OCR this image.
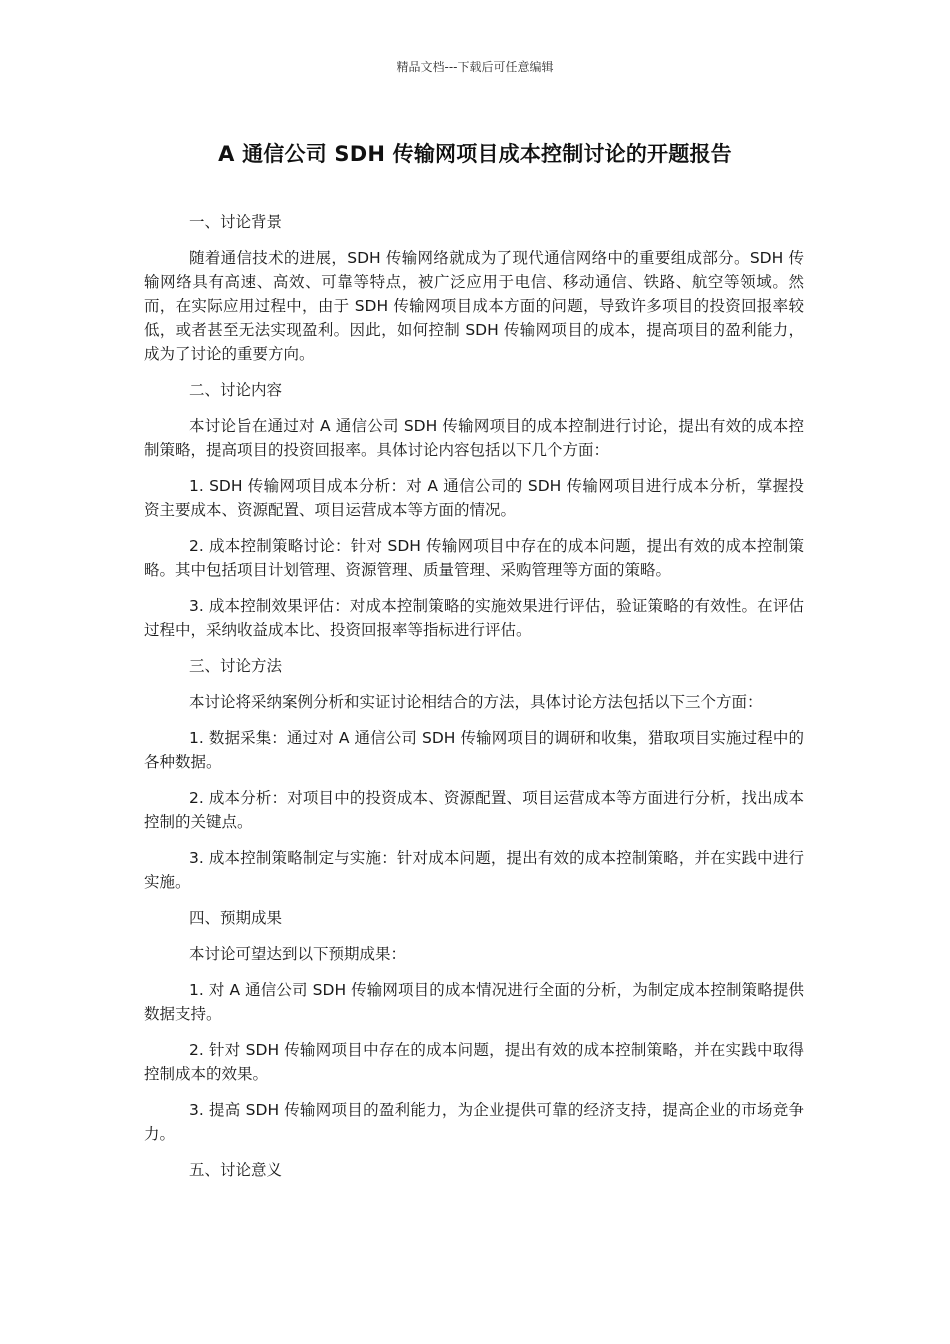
精品文档---下载后可任意编辑
A 通信公司 SDH 传输网项目成本控制讨论的开题报告

一、讨论背景

随着通信技术的进展，SDH 传输网络就成为了现代通信网络中的重要组成部分。SDH 传输网络具有高速、高效、可靠等特点，被广泛应用于电信、移动通信、铁路、航空等领域。然而，在实际应用过程中，由于 SDH 传输网项目成本方面的问题，导致许多项目的投资回报率较低，或者甚至无法实现盈利。因此，如何控制 SDH 传输网项目的成本，提高项目的盈利能力，成为了讨论的重要方向。

二、讨论内容

本讨论旨在通过对 A 通信公司 SDH 传输网项目的成本控制进行讨论，提出有效的成本控制策略，提高项目的投资回报率。具体讨论内容包括以下几个方面：

1. SDH 传输网项目成本分析：对 A 通信公司的 SDH 传输网项目进行成本分析，掌握投资主要成本、资源配置、项目运营成本等方面的情况。

2. 成本控制策略讨论：针对 SDH 传输网项目中存在的成本问题，提出有效的成本控制策略。其中包括项目计划管理、资源管理、质量管理、采购管理等方面的策略。

3. 成本控制效果评估：对成本控制策略的实施效果进行评估，验证策略的有效性。在评估过程中，采纳收益成本比、投资回报率等指标进行评估。

三、讨论方法

本讨论将采纳案例分析和实证讨论相结合的方法，具体讨论方法包括以下三个方面：

1. 数据采集：通过对 A 通信公司 SDH 传输网项目的调研和收集，猎取项目实施过程中的各种数据。

2. 成本分析：对项目中的投资成本、资源配置、项目运营成本等方面进行分析，找出成本控制的关键点。

3. 成本控制策略制定与实施：针对成本问题，提出有效的成本控制策略，并在实践中进行实施。

四、预期成果

本讨论可望达到以下预期成果：

1. 对 A 通信公司 SDH 传输网项目的成本情况进行全面的分析，为制定成本控制策略提供数据支持。

2. 针对 SDH 传输网项目中存在的成本问题，提出有效的成本控制策略，并在实践中取得控制成本的效果。

3. 提高 SDH 传输网项目的盈利能力，为企业提供可靠的经济支持，提高企业的市场竞争力。

五、讨论意义
